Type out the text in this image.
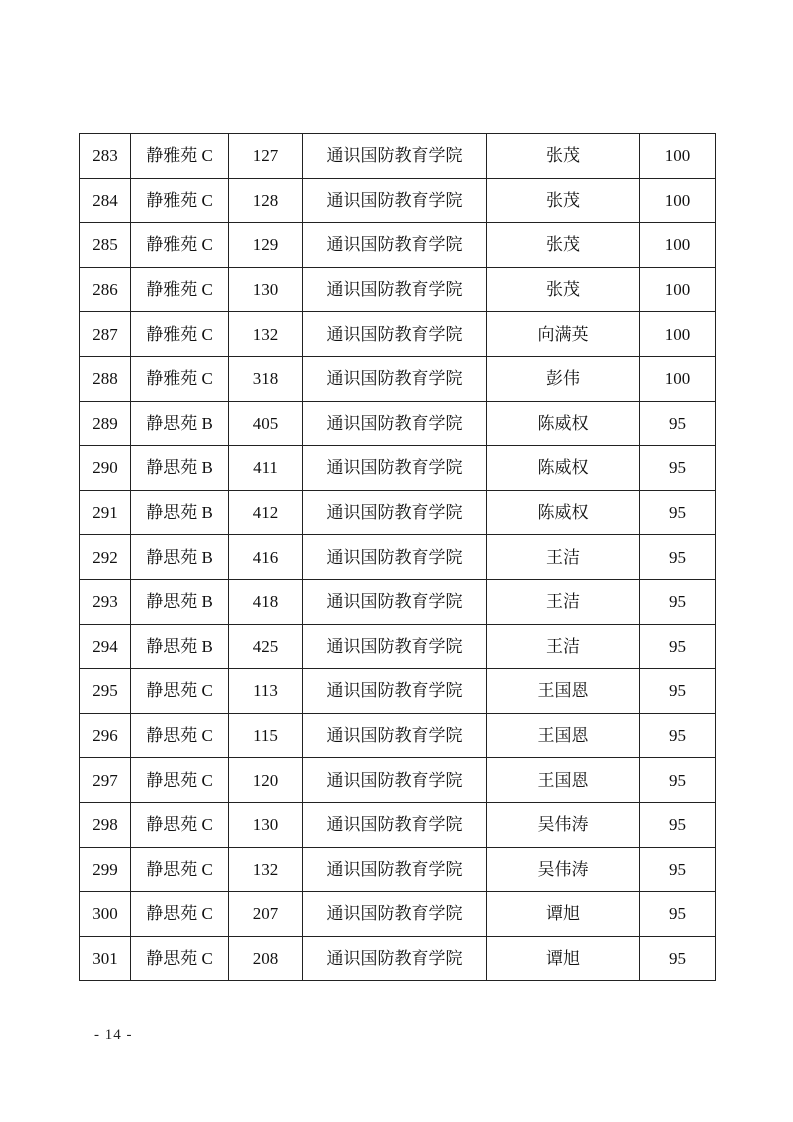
283	静雅苑 C	127	通识国防教育学院	张茂	100
284	静雅苑 C	128	通识国防教育学院	张茂	100
285	静雅苑 C	129	通识国防教育学院	张茂	100
286	静雅苑 C	130	通识国防教育学院	张茂	100
287	静雅苑 C	132	通识国防教育学院	向满英	100
288	静雅苑 C	318	通识国防教育学院	彭伟	100
289	静思苑 B	405	通识国防教育学院	陈威权	95
290	静思苑 B	411	通识国防教育学院	陈威权	95
291	静思苑 B	412	通识国防教育学院	陈威权	95
292	静思苑 B	416	通识国防教育学院	王洁	95
293	静思苑 B	418	通识国防教育学院	王洁	95
294	静思苑 B	425	通识国防教育学院	王洁	95
295	静思苑 C	113	通识国防教育学院	王国恩	95
296	静思苑 C	115	通识国防教育学院	王国恩	95
297	静思苑 C	120	通识国防教育学院	王国恩	95
298	静思苑 C	130	通识国防教育学院	吴伟涛	95
299	静思苑 C	132	通识国防教育学院	吴伟涛	95
300	静思苑 C	207	通识国防教育学院	谭旭	95
301	静思苑 C	208	通识国防教育学院	谭旭	95
- 14 -
